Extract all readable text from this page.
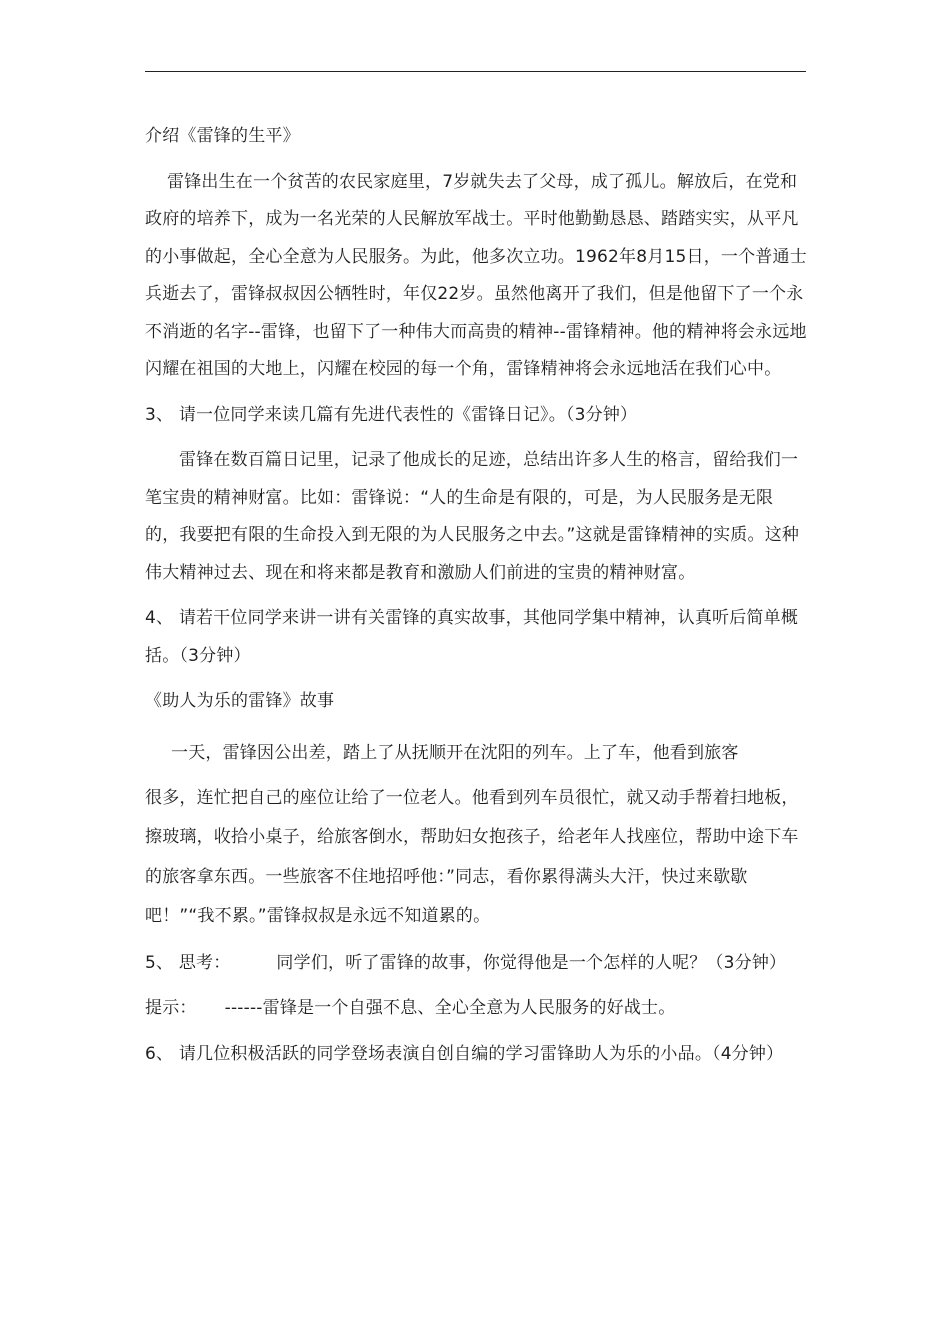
介绍《雷锋的生平》

雷锋出生在一个贫苦的农民家庭里，7岁就失去了父母，成了孤儿。解放后，在党和政府的培养下，成为一名光荣的人民解放军战士。平时他勤勤恳恳、踏踏实实，从平凡的小事做起，全心全意为人民服务。为此，他多次立功。1962年8月15日，一个普通士兵逝去了，雷锋叔叔因公牺牲时，年仅22岁。虽然他离开了我们，但是他留下了一个永不消逝的名字--雷锋，也留下了一种伟大而高贵的精神--雷锋精神。他的精神将会永远地闪耀在祖国的大地上，闪耀在校园的每一个角，雷锋精神将会永远地活在我们心中。

3、 请一位同学来读几篇有先进代表性的《雷锋日记》。（3分钟）

雷锋在数百篇日记里，记录了他成长的足迹，总结出许多人生的格言，留给我们一笔宝贵的精神财富。比如：雷锋说：“人的生命是有限的，可是，为人民服务是无限的，我要把有限的生命投入到无限的为人民服务之中去。”这就是雷锋精神的实质。这种伟大精神过去、现在和将来都是教育和激励人们前进的宝贵的精神财富。

4、 请若干位同学来讲一讲有关雷锋的真实故事，其他同学集中精神，认真听后简单概括。（3分钟）

《助人为乐的雷锋》故事

一天，雷锋因公出差，踏上了从抚顺开在沈阳的列车。上了车，他看到旅客

很多，连忙把自己的座位让给了一位老人。他看到列车员很忙，就又动手帮着扫地板，擦玻璃，收拾小桌子，给旅客倒水，帮助妇女抱孩子，给老年人找座位，帮助中途下车的旅客拿东西。一些旅客不住地招呼他：”同志，看你累得满头大汗，快过来歇歇吧！”“我不累。”雷锋叔叔是永远不知道累的。

5、 思考：	同学们，听了雷锋的故事，你觉得他是一个怎样的人呢？（3分钟）

提示： ------雷锋是一个自强不息、全心全意为人民服务的好战士。

6、 请几位积极活跃的同学登场表演自创自编的学习雷锋助人为乐的小品。（4分钟）
